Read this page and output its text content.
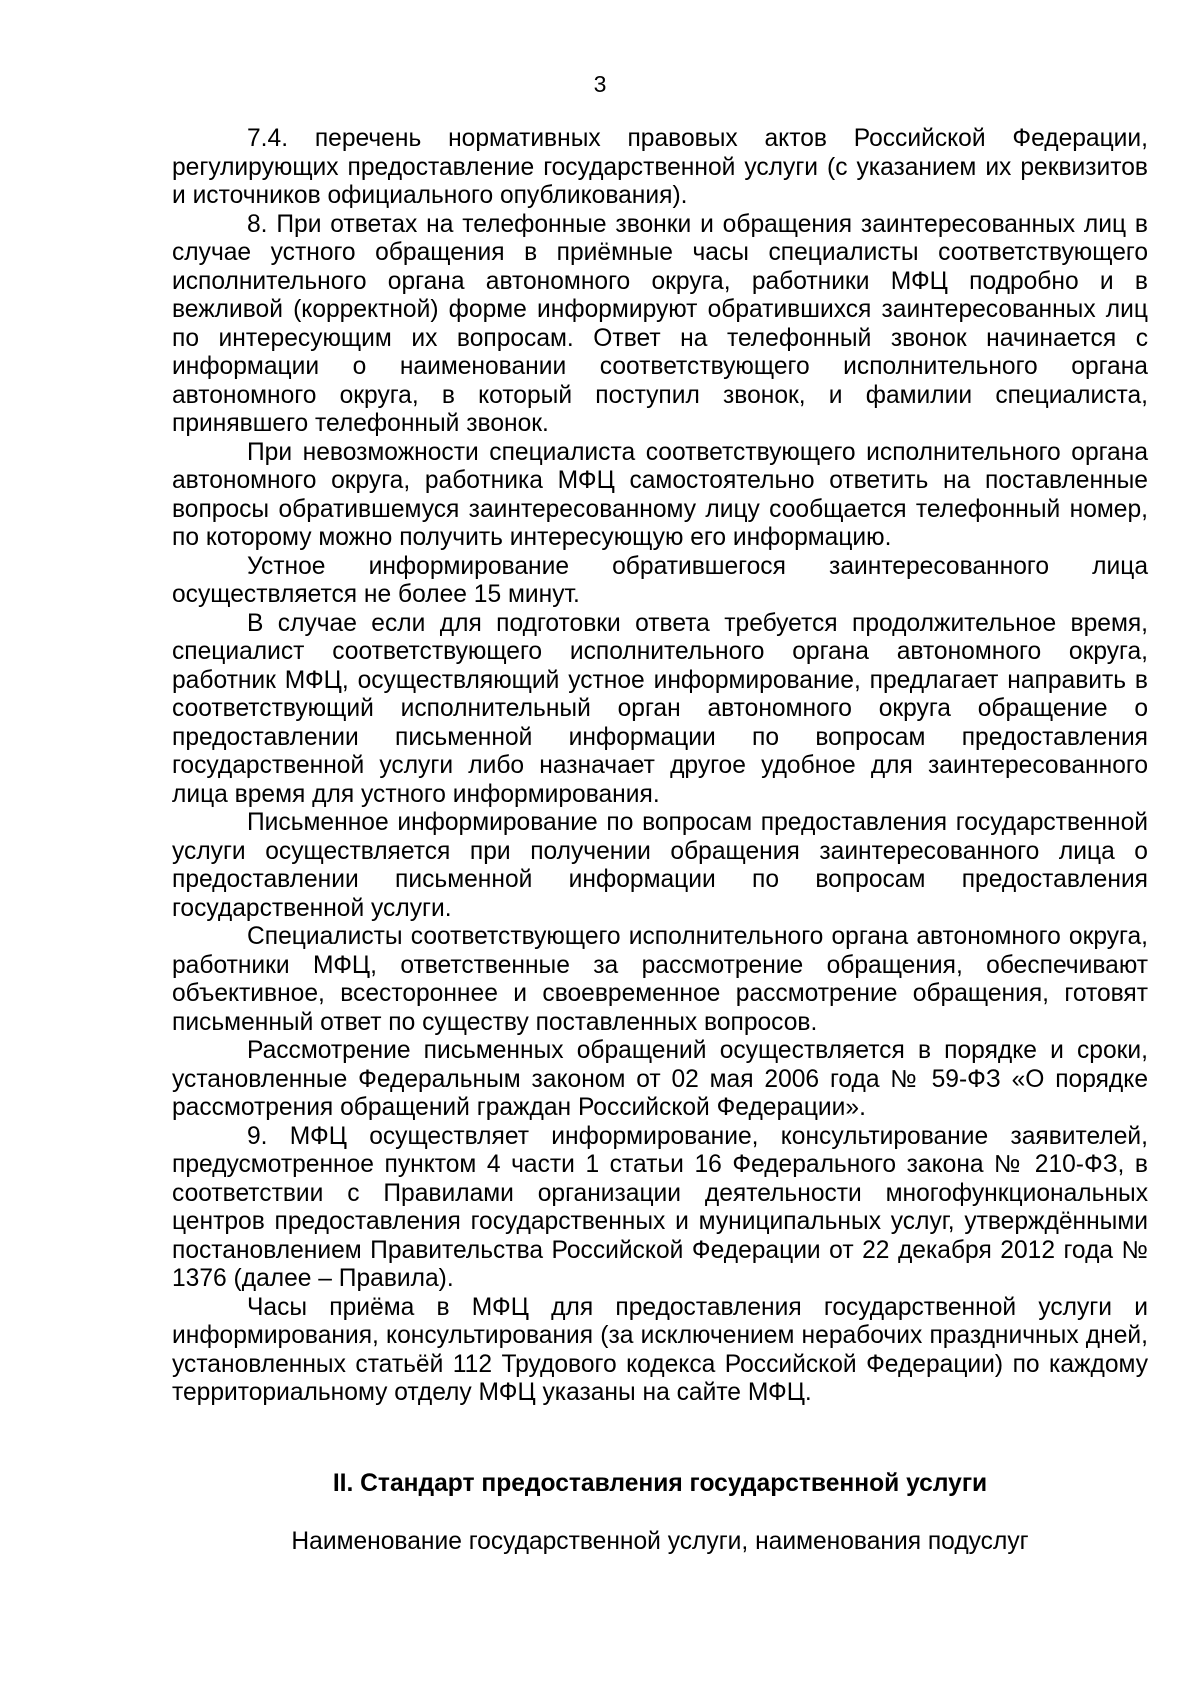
3

7.4. перечень нормативных правовых актов Российской Федерации, регулирующих предоставление государственной услуги (с указанием их реквизитов и источников официального опубликования).

8. При ответах на телефонные звонки и обращения заинтересованных лиц в случае устного обращения в приёмные часы специалисты соответствующего исполнительного органа автономного округа, работники МФЦ подробно и в вежливой (корректной) форме информируют обратившихся заинтересованных лиц по интересующим их вопросам. Ответ на телефонный звонок начинается с информации о наименовании соответствующего исполнительного органа автономного округа, в который поступил звонок, и фамилии специалиста, принявшего телефонный звонок.

При невозможности специалиста соответствующего исполнительного органа автономного округа, работника МФЦ самостоятельно ответить на поставленные вопросы обратившемуся заинтересованному лицу сообщается телефонный номер, по которому можно получить интересующую его информацию.

Устное информирование обратившегося заинтересованного лица осуществляется не более 15 минут.

В случае если для подготовки ответа требуется продолжительное время, специалист соответствующего исполнительного органа автономного округа, работник МФЦ, осуществляющий устное информирование, предлагает направить в соответствующий исполнительный орган автономного округа обращение о предоставлении письменной информации по вопросам предоставления государственной услуги либо назначает другое удобное для заинтересованного лица время для устного информирования.

Письменное информирование по вопросам предоставления государственной услуги осуществляется при получении обращения заинтересованного лица о предоставлении письменной информации по вопросам предоставления государственной услуги.

Специалисты соответствующего исполнительного органа автономного округа, работники МФЦ, ответственные за рассмотрение обращения, обеспечивают объективное, всестороннее и своевременное рассмотрение обращения, готовят письменный ответ по существу поставленных вопросов.

Рассмотрение письменных обращений осуществляется в порядке и сроки, установленные Федеральным законом от 02 мая 2006 года № 59-ФЗ «О порядке рассмотрения обращений граждан Российской Федерации».

9. МФЦ осуществляет информирование, консультирование заявителей, предусмотренное пунктом 4 части 1 статьи 16 Федерального закона № 210-ФЗ, в соответствии с Правилами организации деятельности многофункциональных центров предоставления государственных и муниципальных услуг, утверждёнными постановлением Правительства Российской Федерации от 22 декабря 2012 года № 1376 (далее – Правила).

Часы приёма в МФЦ для предоставления государственной услуги и информирования, консультирования (за исключением нерабочих праздничных дней, установленных статьёй 112 Трудового кодекса Российской Федерации) по каждому территориальному отделу МФЦ указаны на сайте МФЦ.

II. Стандарт предоставления государственной услуги
Наименование государственной услуги, наименования подуслуг
